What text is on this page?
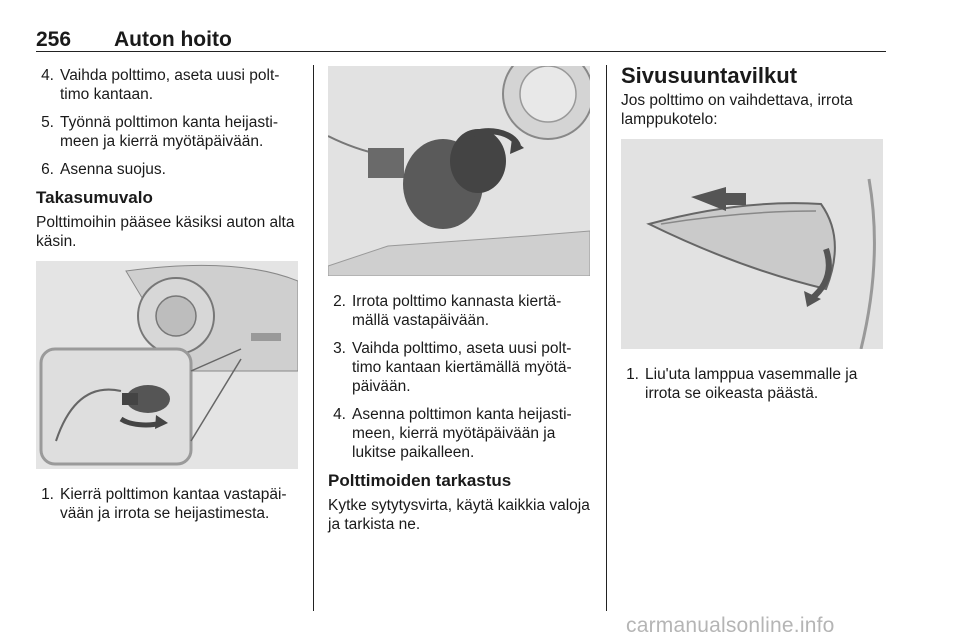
256 Auton hoito
4. Vaihda polttimo, aseta uusi polt-timo kantaan.
5. Työnnä polttimon kanta heijasti-meen ja kierrä myötäpäivään.
6. Asenna suojus.
Takasumuvalo

Polttimoihin pääsee käsiksi auton alta käsin.

1. Kierrä polttimon kantaa vastapäi-vään ja irrota se heijastimesta.
2. Irrota polttimo kannasta kiertä-mällä vastapäivään.
3. Vaihda polttimo, aseta uusi polt-timo kantaan kiertämällä myötä-päivään.
4. Asenna polttimon kanta heijasti-meen, kierrä myötäpäivään ja lukitse paikalleen.
Polttimoiden tarkastus

Kytke sytytysvirta, käytä kaikkia valoja ja tarkista ne.

Sivusuuntavilkut

Jos polttimo on vaihdettava, irrota lamppukotelo:

1. Liu'uta lamppua vasemmalle ja irrota se oikeasta päästä.
carmanualsonline.info
